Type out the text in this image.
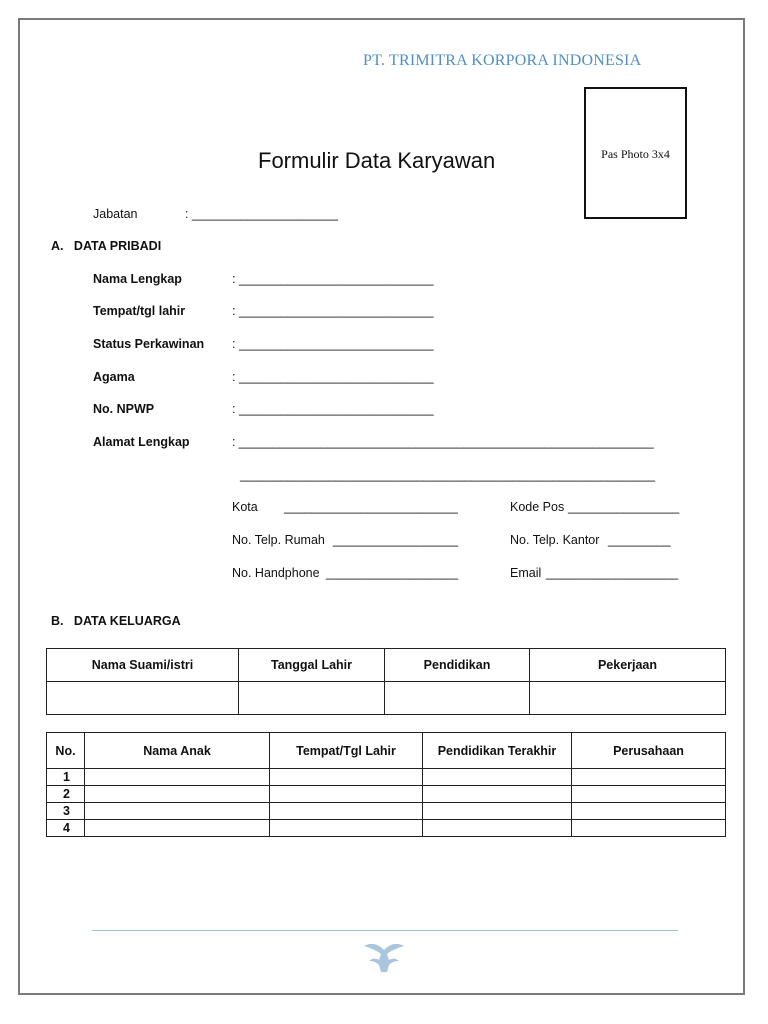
PT. TRIMITRA KORPORA INDONESIA
Pas Photo 3x4
Formulir Data Karyawan
Jabatan	: _____________________
A.   DATA PRIBADI
Nama Lengkap	: ____________________________
Tempat/tgl lahir	: ____________________________
Status Perkawinan : ____________________________
Agama	: ____________________________
No. NPWP	: ____________________________
Alamat Lengkap	: _____________________________________________________________
_____________________________________________________________
Kota _________________________	Kode Pos ________________
No. Telp. Rumah __________________	No. Telp. Kantor _________
No. Handphone ___________________	Email ___________________
B.   DATA KELUARGA
Nama Suami/istri	Tanggal Lahir	Pendidikan	Pekerjaan

No.	Nama Anak	Tempat/Tgl Lahir	Pendidikan Terakhir	Perusahaan
1				
2				
3				
4				
